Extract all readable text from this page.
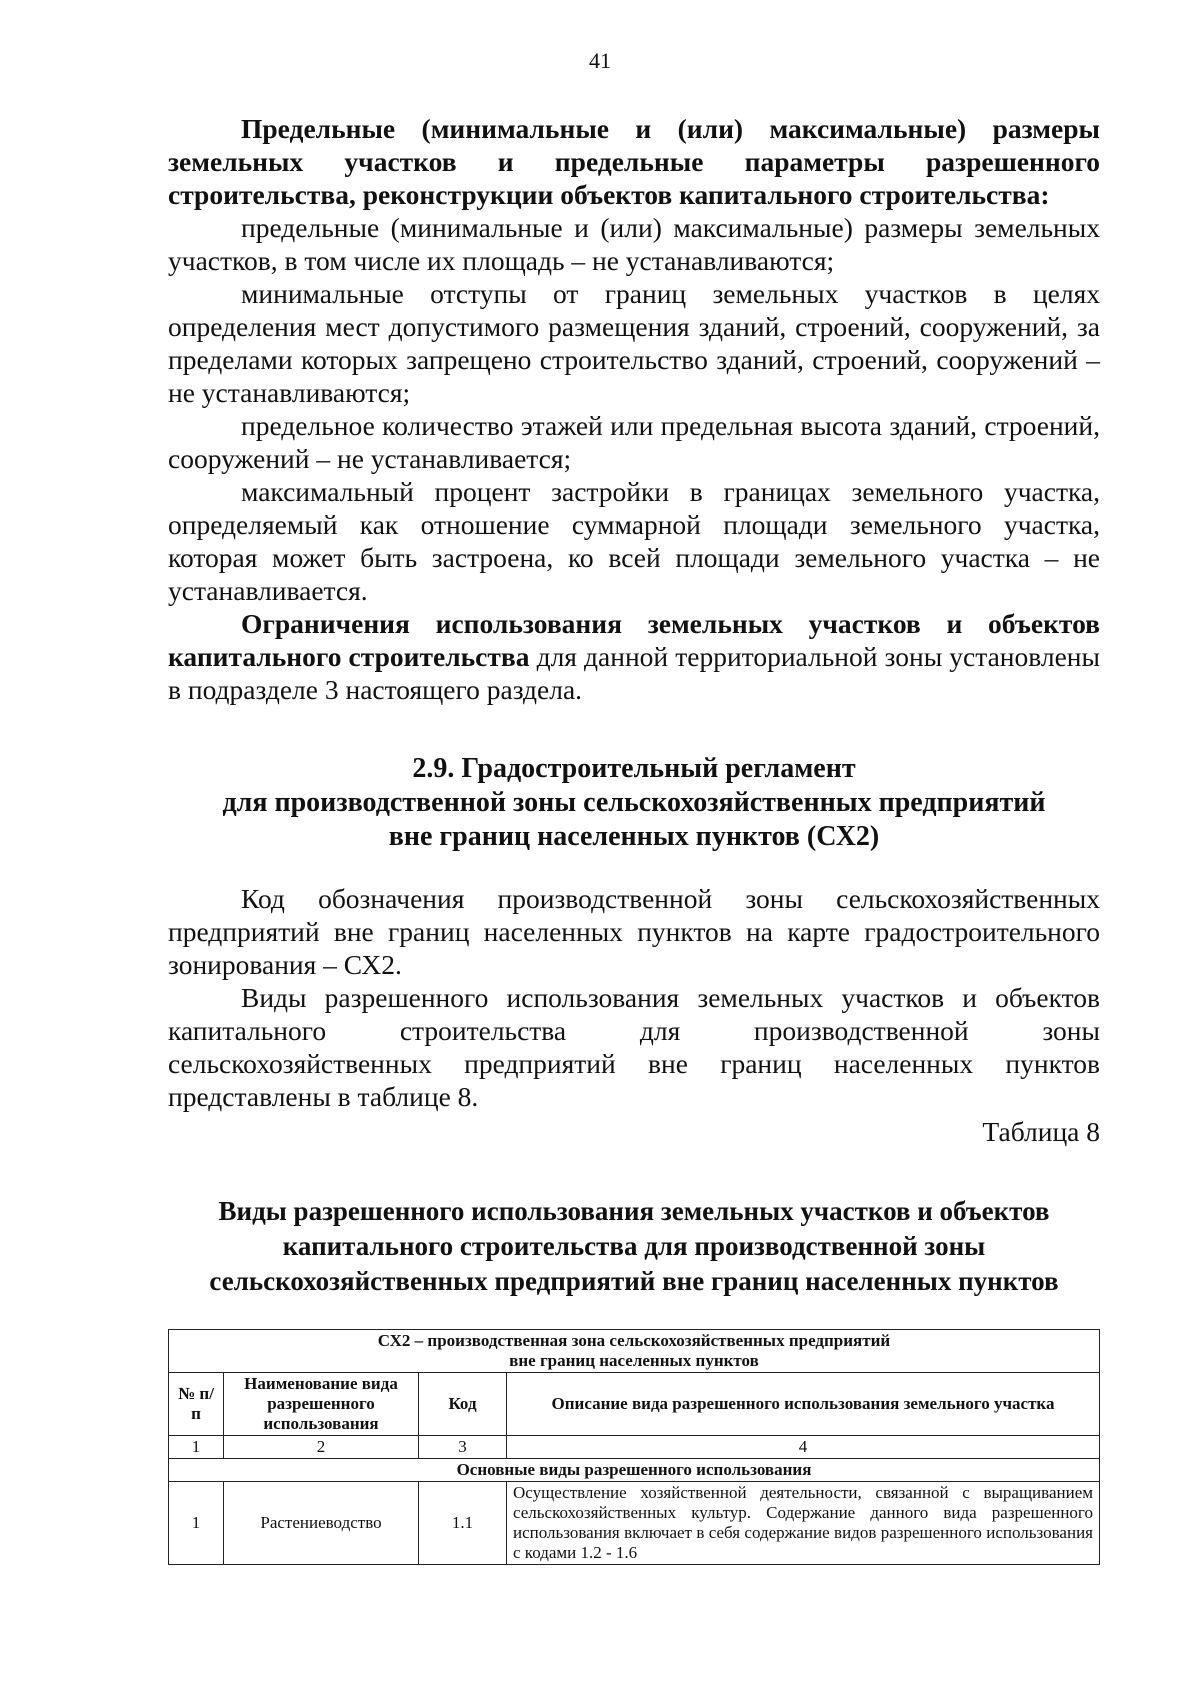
41

Предельные (минимальные и (или) максимальные) размеры земельных участков и предельные параметры разрешенного строительства, реконструкции объектов капитального строительства:

предельные (минимальные и (или) максимальные) размеры земельных участков, в том числе их площадь – не устанавливаются;

минимальные отступы от границ земельных участков в целях определения мест допустимого размещения зданий, строений, сооружений, за пределами которых запрещено строительство зданий, строений, сооружений – не устанавливаются;

предельное количество этажей или предельная высота зданий, строений, сооружений – не устанавливается;

максимальный процент застройки в границах земельного участка, определяемый как отношение суммарной площади земельного участка, которая может быть застроена, ко всей площади земельного участка – не устанавливается.

Ограничения использования земельных участков и объектов капитального строительства для данной территориальной зоны установлены в подразделе 3 настоящего раздела.

2.9. Градостроительный регламент
для производственной зоны сельскохозяйственных предприятий
вне границ населенных пунктов (СХ2)

Код обозначения производственной зоны сельскохозяйственных предприятий вне границ населенных пунктов на карте градостроительного зонирования – СХ2.

Виды разрешенного использования земельных участков и объектов капитального строительства для производственной зоны сельскохозяйственных предприятий вне границ населенных пунктов представлены в таблице 8.

Таблица 8

Виды разрешенного использования земельных участков и объектов
капитального строительства для производственной зоны
сельскохозяйственных предприятий вне границ населенных пунктов
СХ2 – производственная зона сельскохозяйственных предприятий
вне границ населенных пунктов			

№ п/п	Наименование вида разрешенного использования	Код	Описание вида разрешенного использования земельного участка
1	2	3	4
Основные виды разрешенного использования			
1	Растениеводство	1.1	Осуществление хозяйственной деятельности, связанной с выращиванием сельскохозяйственных культур. Содержание данного вида разрешенного использования включает в себя содержание видов разрешенного использования с кодами 1.2 - 1.6
